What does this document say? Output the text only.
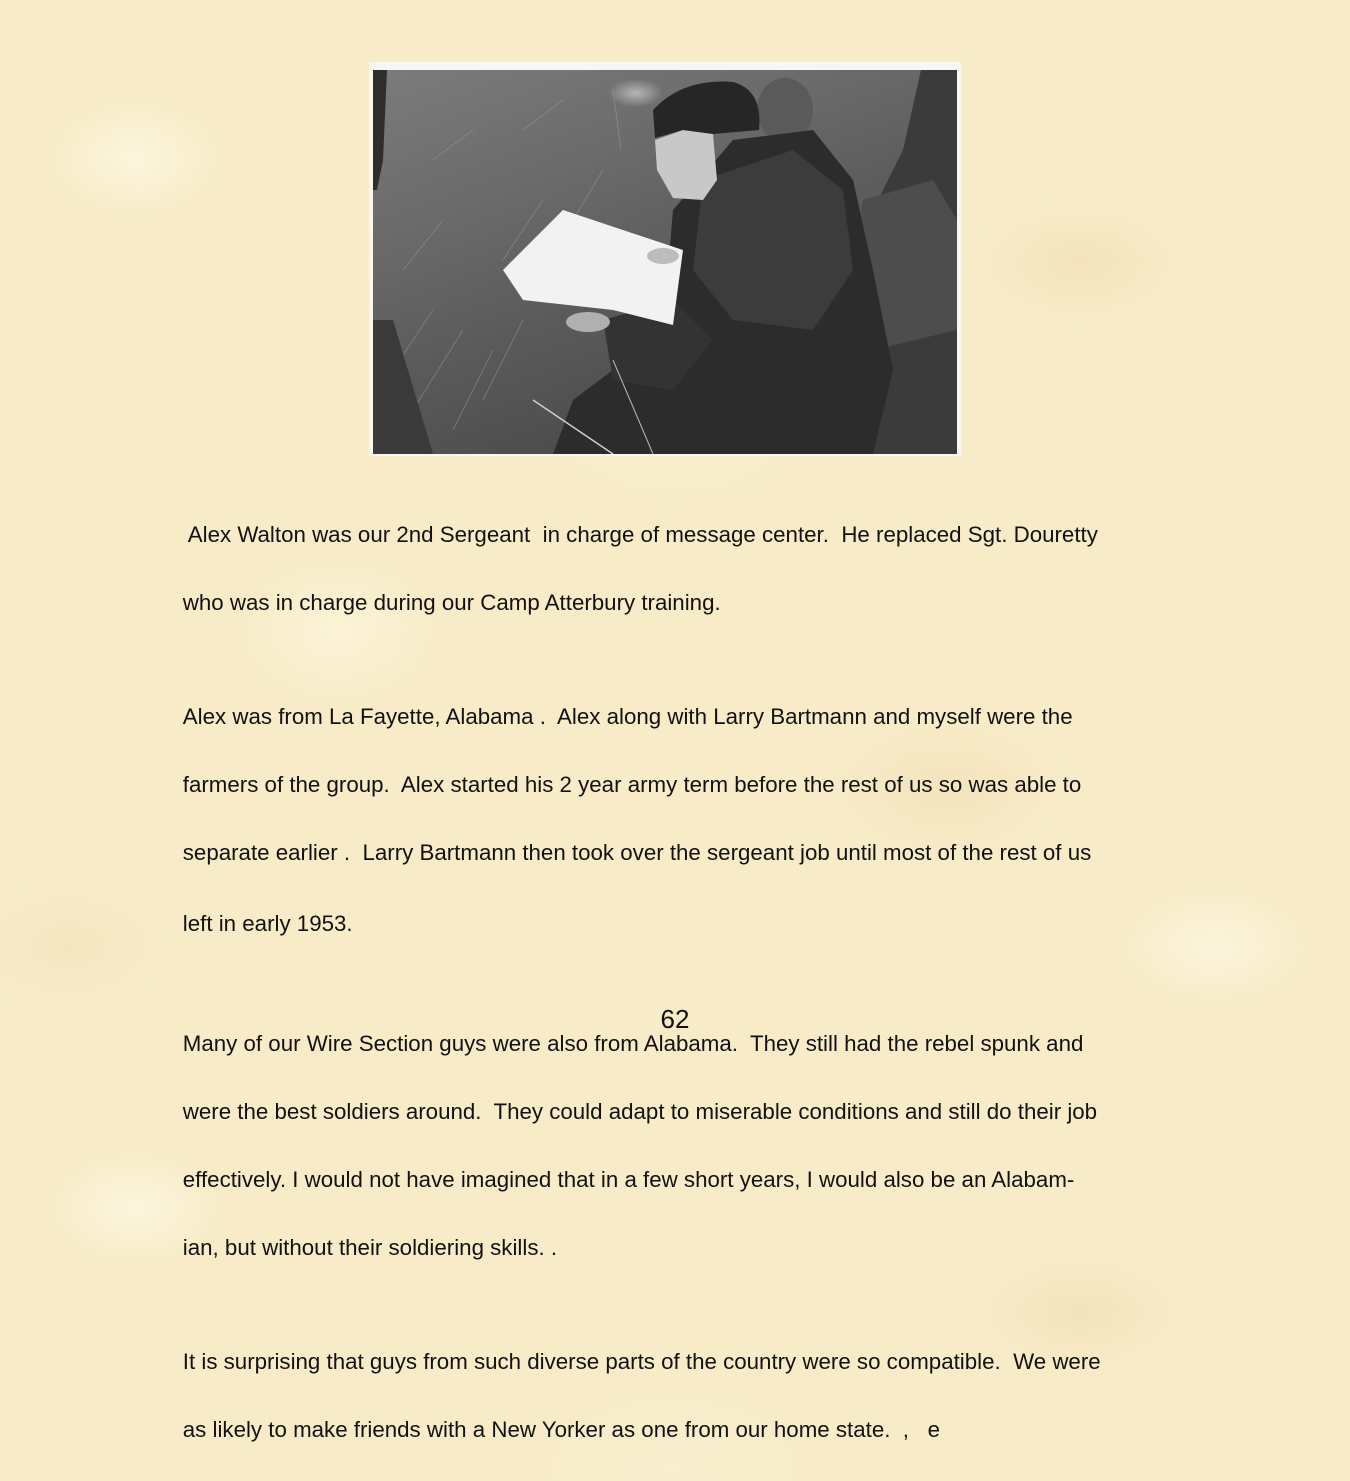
Alex Walton was our 2nd Sergeant  in charge of message center.  He replaced Sgt. Douretty

who was in charge during our Camp Atterbury training.

Alex was from La Fayette, Alabama .  Alex along with Larry Bartmann and myself were the

farmers of the group.  Alex started his 2 year army term before the rest of us so was able to

separate earlier .  Larry Bartmann then took over the sergeant job until most of the rest of us

left in early 1953.

Many of our Wire Section guys were also from Alabama.  They still had the rebel spunk and

were the best soldiers around.  They could adapt to miserable conditions and still do their job

effectively. I would not have imagined that in a few short years, I would also be an Alabam-

ian, but without their soldiering skills. .

It is surprising that guys from such diverse parts of the country were so compatible.  We were

as likely to make friends with a New Yorker as one from our home state.  ,   e

62
